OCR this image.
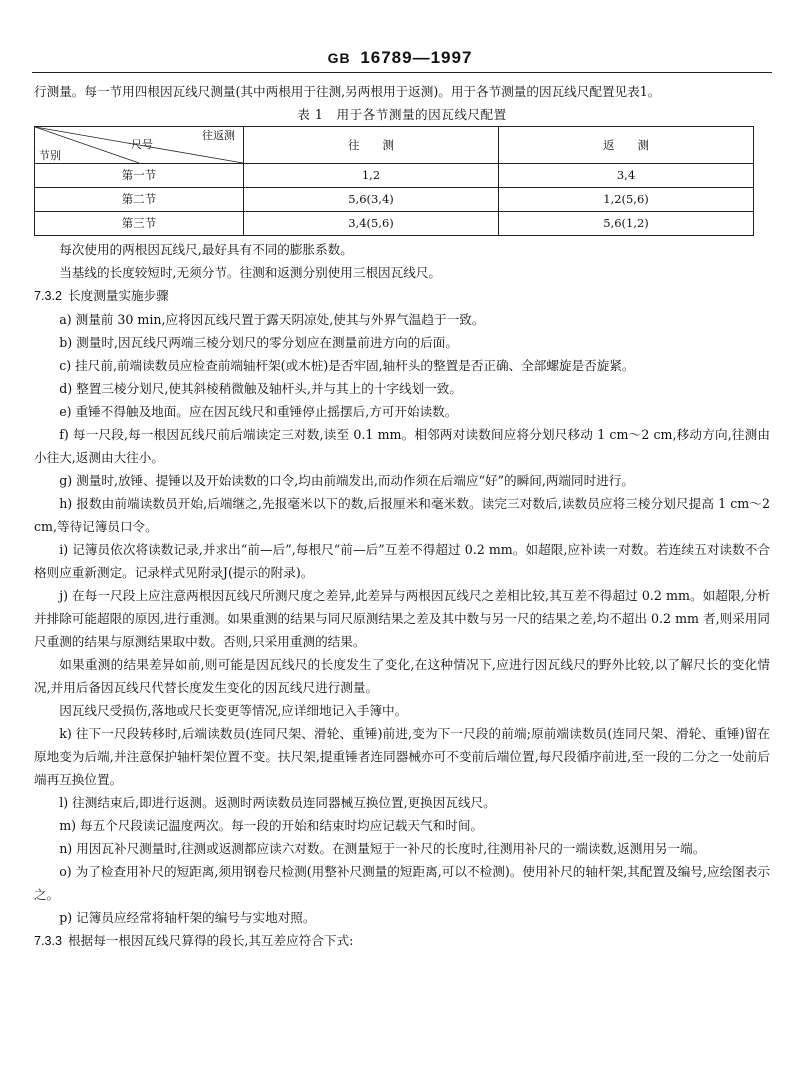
GB 16789—1997

行测量。每一节用四根因瓦线尺测量(其中两根用于往测,另两根用于返测)。用于各节测量的因瓦线尺配置见表1。

表 1　用于各节测量的因瓦线尺配置

往返测
尺号
节别	往　　测	返　　测
第一节	1,2	3,4
第二节	5,6(3,4)	1,2(5,6)
第三节	3,4(5,6)	5,6(1,2)

每次使用的两根因瓦线尺,最好具有不同的膨胀系数。

当基线的长度较短时,无须分节。往测和返测分别使用三根因瓦线尺。

7.3.2 长度测量实施步骤

a) 测量前 30 min,应将因瓦线尺置于露天阴凉处,使其与外界气温趋于一致。

b) 测量时,因瓦线尺两端三棱分划尺的零分划应在测量前进方向的后面。

c) 挂尺前,前端读数员应检查前端轴杆架(或木桩)是否牢固,轴杆头的整置是否正确、全部螺旋是否旋紧。

d) 整置三棱分划尺,使其斜棱稍微触及轴杆头,并与其上的十字线划一致。

e) 重锤不得触及地面。应在因瓦线尺和重锤停止摇摆后,方可开始读数。

f) 每一尺段,每一根因瓦线尺前后端读定三对数,读至 0.1 mm。相邻两对读数间应将分划尺移动 1 cm～2 cm,移动方向,往测由小往大,返测由大往小。

g) 测量时,放锤、提锤以及开始读数的口令,均由前端发出,而动作须在后端应“好”的瞬间,两端同时进行。

h) 报数由前端读数员开始,后端继之,先报毫米以下的数,后报厘米和毫米数。读完三对数后,读数员应将三棱分划尺提高 1 cm～2 cm,等待记簿员口令。

i) 记簿员依次将读数记录,并求出“前—后”,每根尺“前—后”互差不得超过 0.2 mm。如超限,应补读一对数。若连续五对读数不合格则应重新测定。记录样式见附录J(提示的附录)。

j) 在每一尺段上应注意两根因瓦线尺所测尺度之差异,此差异与两根因瓦线尺之差相比较,其互差不得超过 0.2 mm。如超限,分析并排除可能超限的原因,进行重测。如果重测的结果与同尺原测结果之差及其中数与另一尺的结果之差,均不超出 0.2 mm 者,则采用同尺重测的结果与原测结果取中数。否则,只采用重测的结果。

如果重测的结果差异如前,则可能是因瓦线尺的长度发生了变化,在这种情况下,应进行因瓦线尺的野外比较,以了解尺长的变化情况,并用后备因瓦线尺代替长度发生变化的因瓦线尺进行测量。

因瓦线尺受损伤,落地或尺长变更等情况,应详细地记入手簿中。

k) 往下一尺段转移时,后端读数员(连同尺架、滑轮、重锤)前进,变为下一尺段的前端;原前端读数员(连同尺架、滑轮、重锤)留在原地变为后端,并注意保护轴杆架位置不变。扶尺架,提重锤者连同器械亦可不变前后端位置,每尺段循序前进,至一段的二分之一处前后端再互换位置。

l) 往测结束后,即进行返测。返测时两读数员连同器械互换位置,更换因瓦线尺。

m) 每五个尺段读记温度两次。每一段的开始和结束时均应记载天气和时间。

n) 用因瓦补尺测量时,往测或返测都应读六对数。在测量短于一补尺的长度时,往测用补尺的一端读数,返测用另一端。

o) 为了检查用补尺的短距离,须用钢卷尺检测(用整补尺测量的短距离,可以不检测)。使用补尺的轴杆架,其配置及编号,应绘图表示之。

p) 记簿员应经常将轴杆架的编号与实地对照。

7.3.3 根据每一根因瓦线尺算得的段长,其互差应符合下式:
